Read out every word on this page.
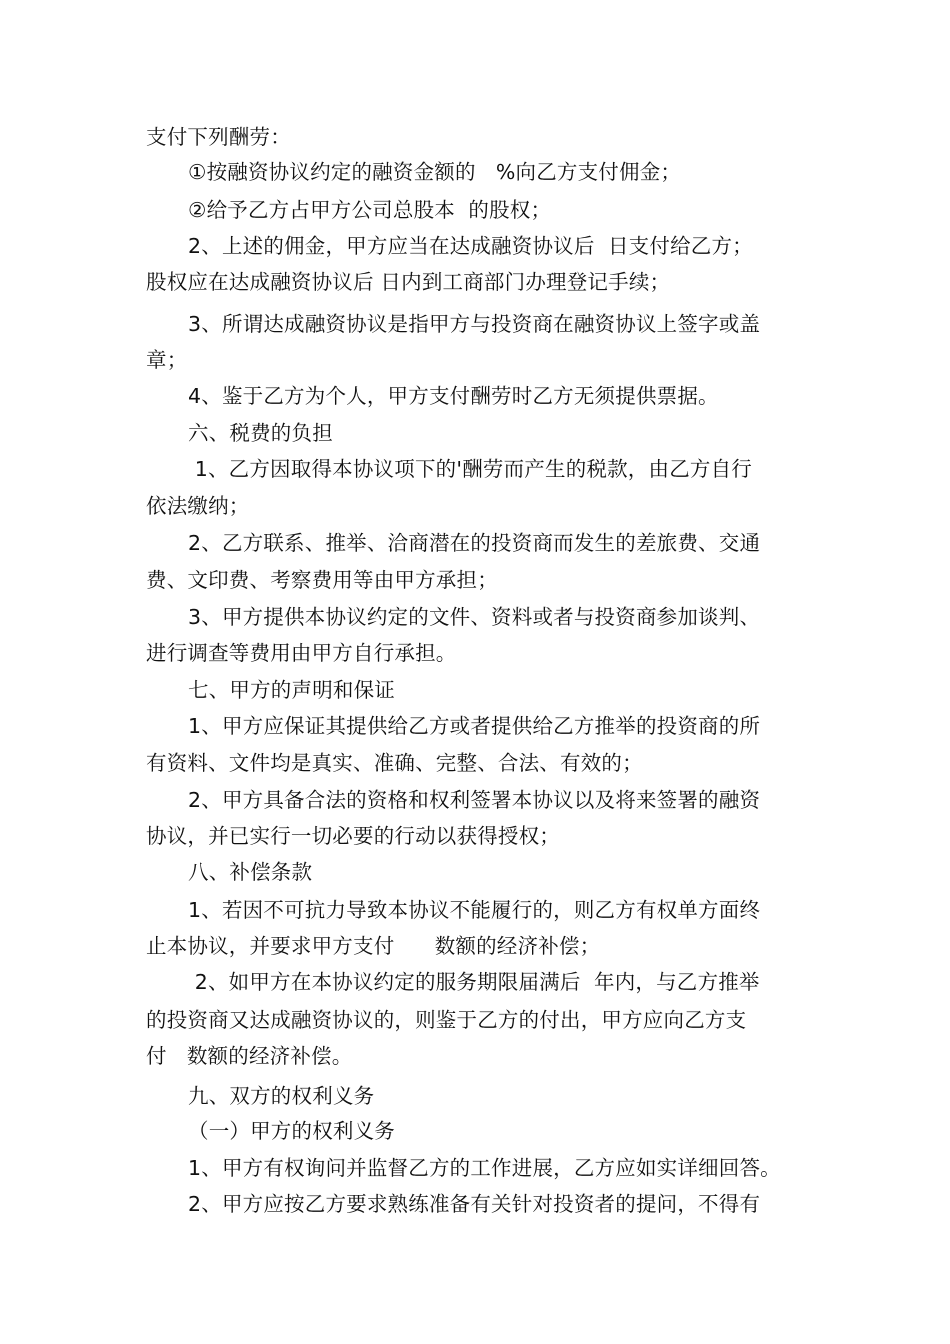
支付下列酬劳：
①按融资协议约定的融资金额的   %向乙方支付佣金；
②给予乙方占甲方公司总股本  的股权；
2、上述的佣金，甲方应当在达成融资协议后  日支付给乙方；
股权应在达成融资协议后 日内到工商部门办理登记手续；
3、所谓达成融资协议是指甲方与投资商在融资协议上签字或盖
章；
4、鉴于乙方为个人，甲方支付酬劳时乙方无须提供票据。
六、税费的负担
1、乙方因取得本协议项下的'酬劳而产生的税款，由乙方自行
依法缴纳；
2、乙方联系、推举、洽商潜在的投资商而发生的差旅费、交通
费、文印费、考察费用等由甲方承担；
3、甲方提供本协议约定的文件、资料或者与投资商参加谈判、
进行调查等费用由甲方自行承担。
七、甲方的声明和保证
1、甲方应保证其提供给乙方或者提供给乙方推举的投资商的所
有资料、文件均是真实、准确、完整、合法、有效的；
2、甲方具备合法的资格和权利签署本协议以及将来签署的融资
协议，并已实行一切必要的行动以获得授权；
八、补偿条款
1、若因不可抗力导致本协议不能履行的，则乙方有权单方面终
止本协议，并要求甲方支付      数额的经济补偿；
2、如甲方在本协议约定的服务期限届满后  年内，与乙方推举
的投资商又达成融资协议的，则鉴于乙方的付出，甲方应向乙方支
付   数额的经济补偿。
九、双方的权利义务
（一）甲方的权利义务
1、甲方有权询问并监督乙方的工作进展，乙方应如实详细回答。
2、甲方应按乙方要求熟练准备有关针对投资者的提问，不得有
